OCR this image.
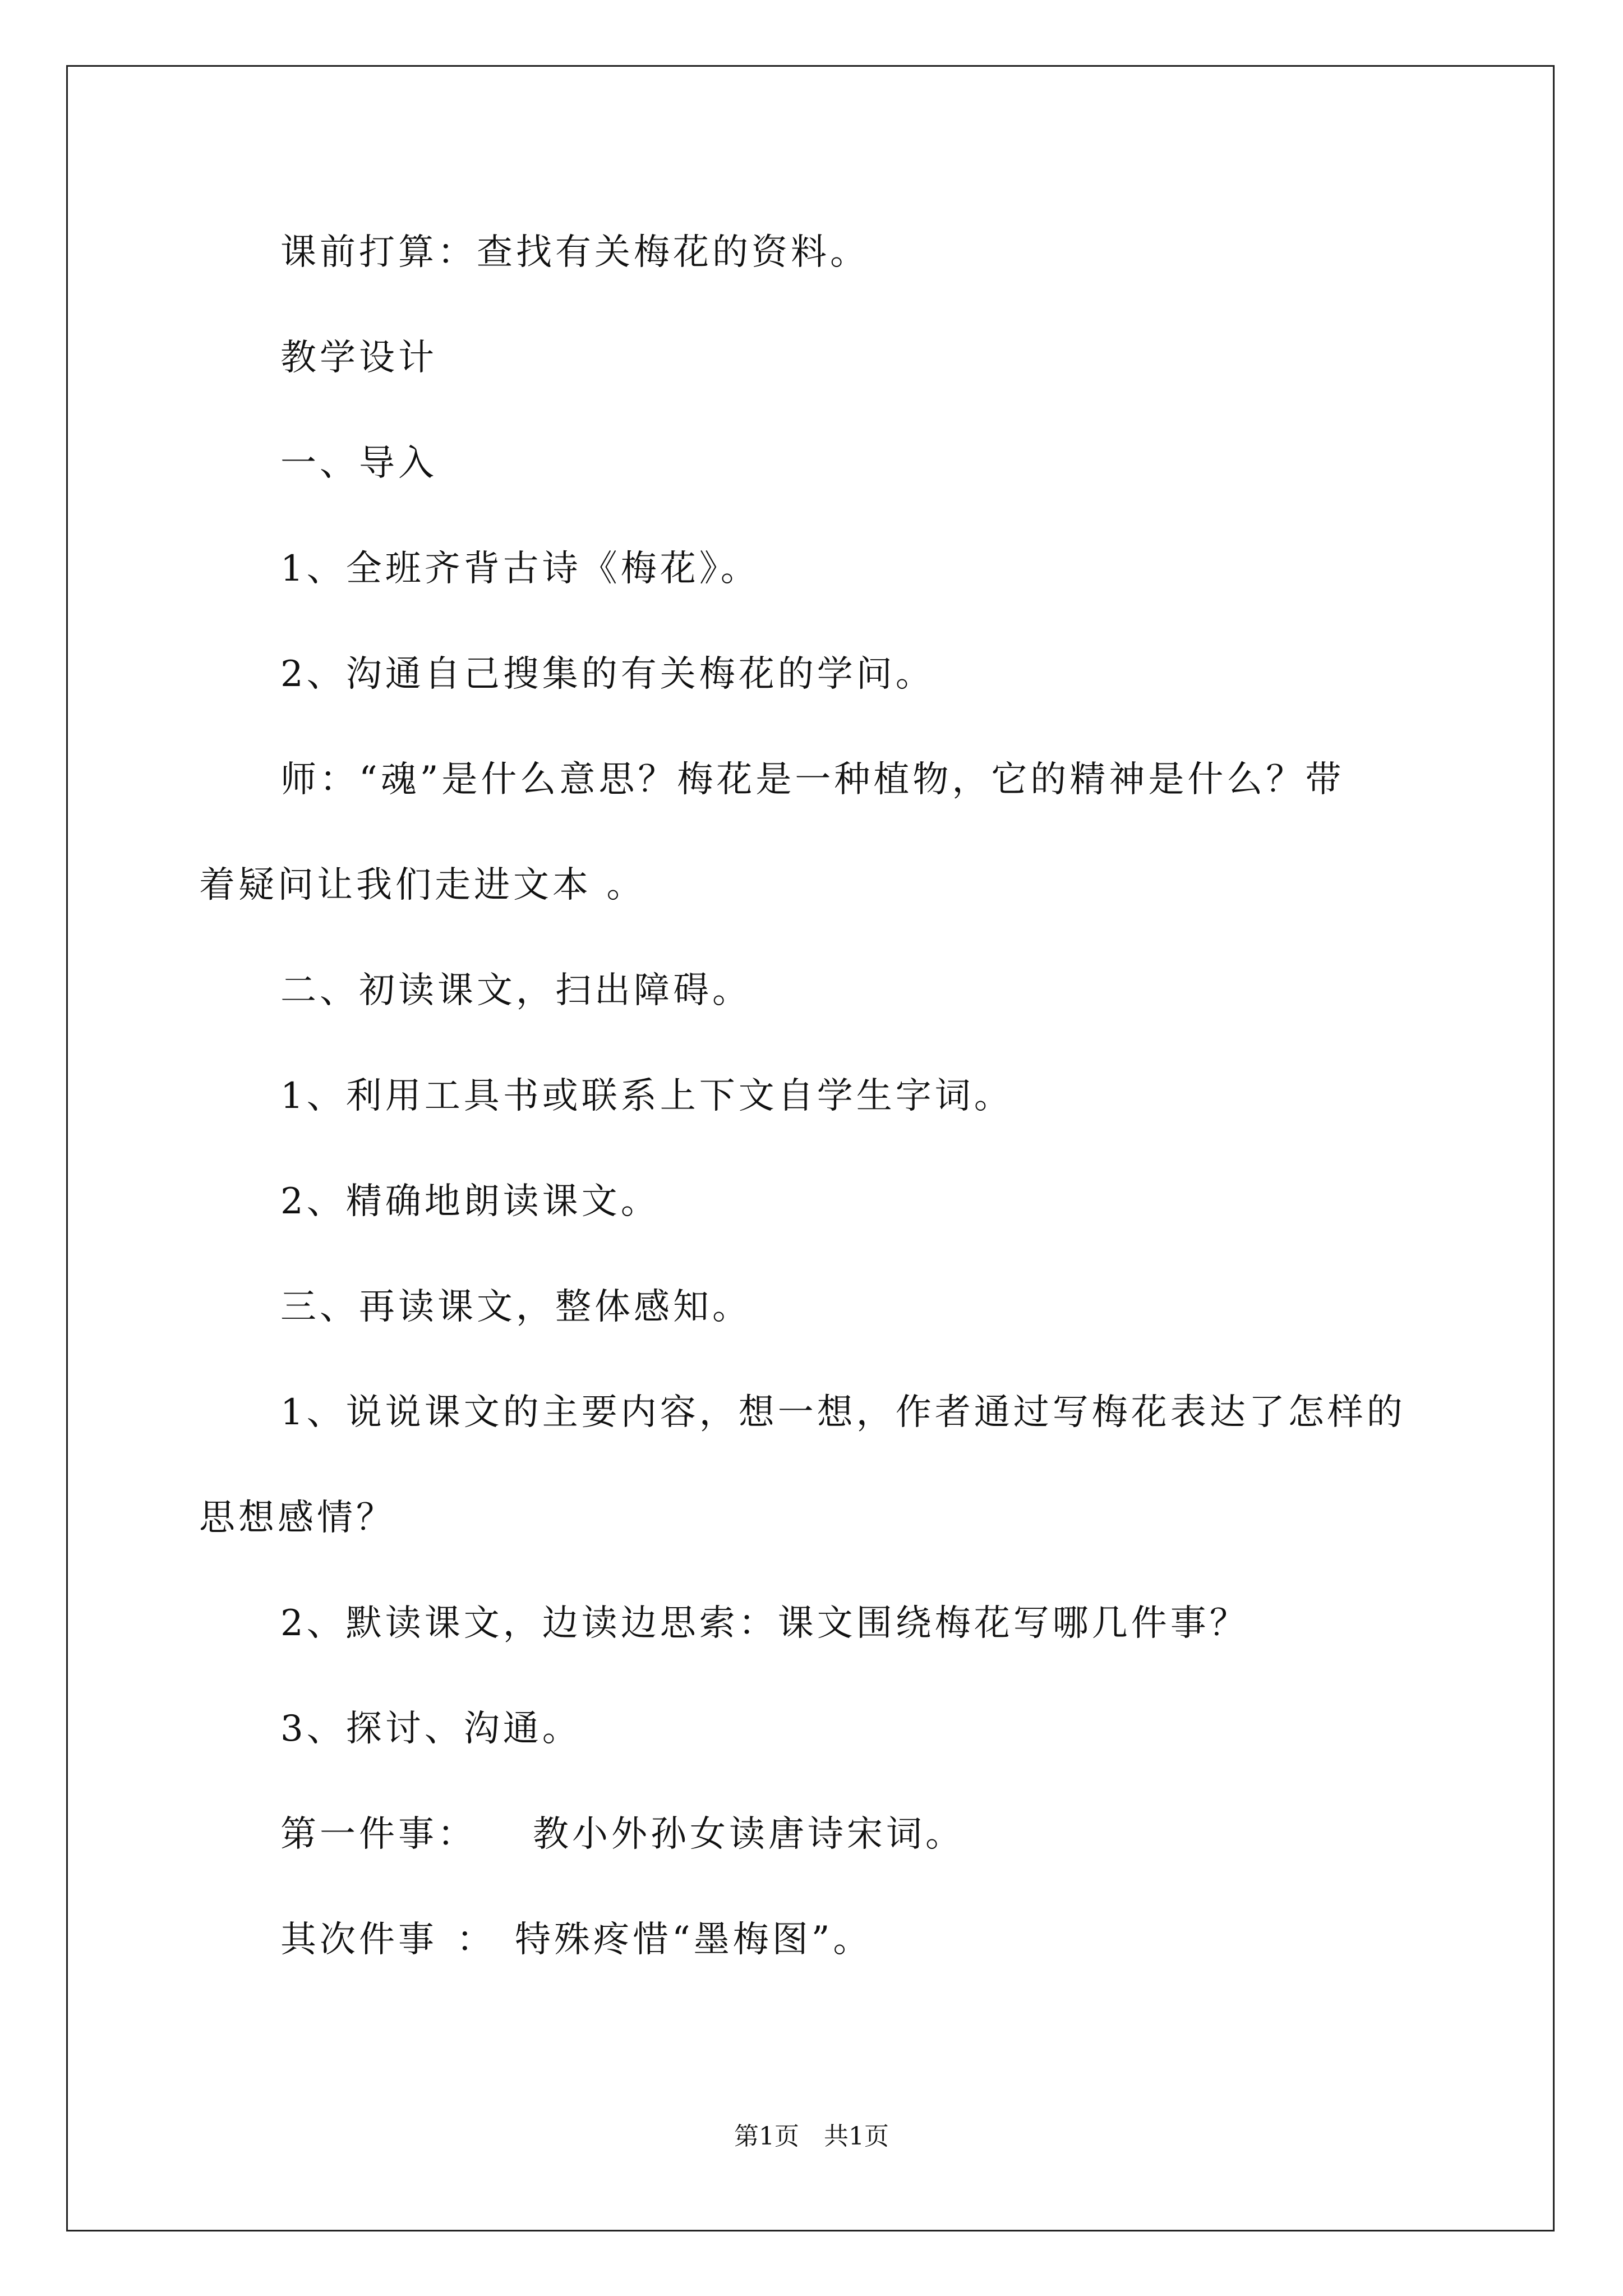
课前打算：查找有关梅花的资料。
教学设计
一、导入
1、全班齐背古诗《梅花》。
2、沟通自己搜集的有关梅花的学问。
师：“魂”是什么意思？梅花是一种植物，它的精神是什么？带
着疑问让我们走进文本 。
二、初读课文，扫出障碍。
1、利用工具书或联系上下文自学生字词。
2、精确地朗读课文。
三、再读课文，整体感知。
1、说说课文的主要内容，想一想，作者通过写梅花表达了怎样的
思想感情？
2、默读课文，边读边思索：课文围绕梅花写哪几件事？
3、探讨、沟通。
第一件事： 教小外孙女读唐诗宋词。
其次件事 ： 特殊疼惜“墨梅图”。
第1页 共1页
